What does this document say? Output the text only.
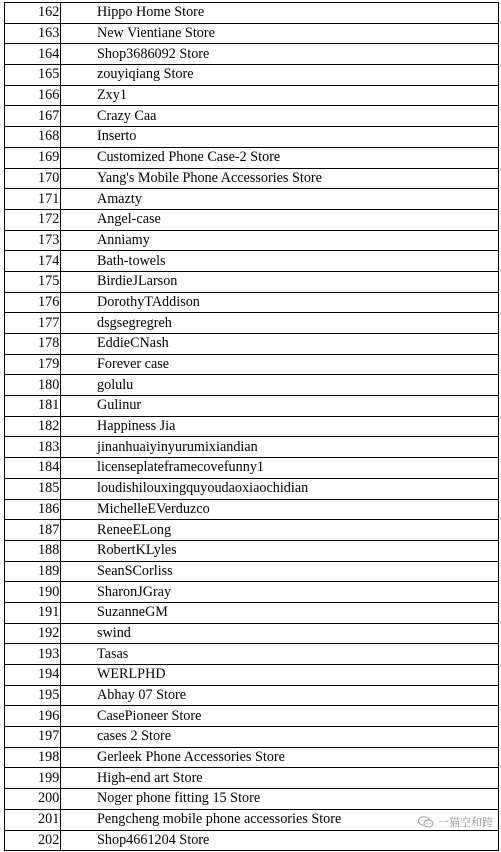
162	Hippo Home Store
163	New Vientiane Store
164	Shop3686092 Store
165	zouyiqiang Store
166	Zxy1
167	Crazy Caa
168	Inserto
169	Customized Phone Case-2 Store
170	Yang's Mobile Phone Accessories Store
171	Amazty
172	Angel-case
173	Anniamy
174	Bath-towels
175	BirdieJLarson
176	DorothyTAddison
177	dsgsegregreh
178	EddieCNash
179	Forever case
180	golulu
181	Gulinur
182	Happiness Jia
183	jinanhuaiyinyurumixiandian
184	licenseplateframecovefunny1
185	loudishilouxingquyoudaoxiaochidian
186	MichelleEVerduzco
187	ReneeELong
188	RobertKLyles
189	SeanSCorliss
190	SharonJGray
191	SuzanneGM
192	swind
193	Tasas
194	WERLPHD
195	Abhay 07 Store
196	CasePioneer Store
197	cases 2 Store
198	Gerleek Phone Accessories Store
199	High-end art Store
200	Noger phone fitting 15 Store
201	Pengcheng mobile phone accessories Store
202	Shop4661204 Store
一猫空和跨
